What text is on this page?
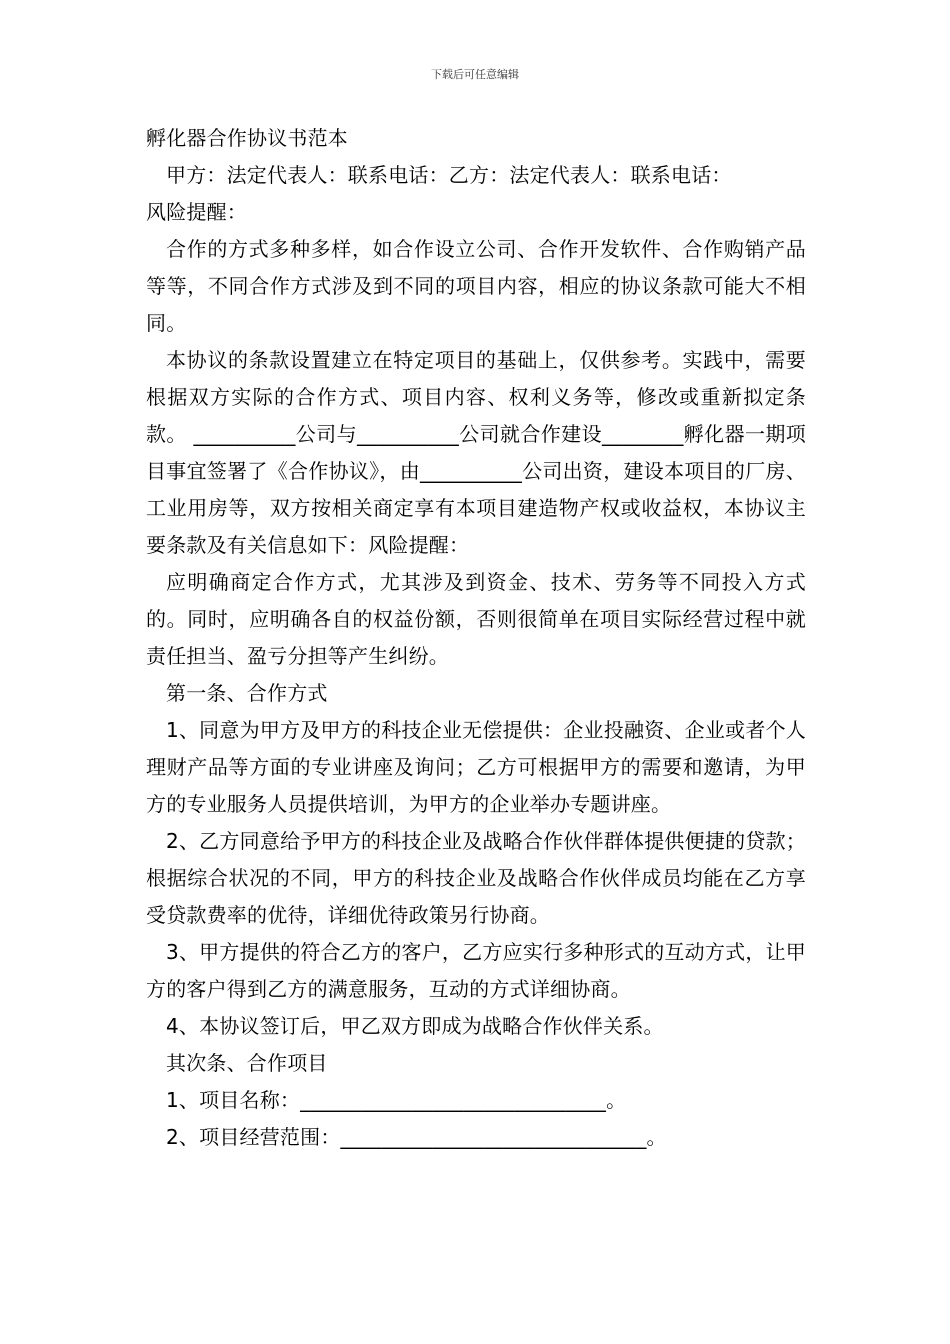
下载后可任意编辑

孵化器合作协议书范本

甲方：法定代表人：联系电话：乙方：法定代表人：联系电话：

风险提醒：

合作的方式多种多样，如合作设立公司、合作开发软件、合作购销产品等等，不同合作方式涉及到不同的项目内容，相应的协议条款可能大不相同。

本协议的条款设置建立在特定项目的基础上，仅供参考。实践中，需要根据双方实际的合作方式、项目内容、权利义务等，修改或重新拟定条款。 __________公司与__________公司就合作建设________孵化器一期项目事宜签署了《合作协议》，由__________公司出资，建设本项目的厂房、工业用房等，双方按相关商定享有本项目建造物产权或收益权，本协议主要条款及有关信息如下：风险提醒：

应明确商定合作方式，尤其涉及到资金、技术、劳务等不同投入方式的。同时，应明确各自的权益份额，否则很简单在项目实际经营过程中就责任担当、盈亏分担等产生纠纷。

第一条、合作方式

1、同意为甲方及甲方的科技企业无偿提供：企业投融资、企业或者个人理财产品等方面的专业讲座及询问；乙方可根据甲方的需要和邀请，为甲方的专业服务人员提供培训，为甲方的企业举办专题讲座。

2、乙方同意给予甲方的科技企业及战略合作伙伴群体提供便捷的贷款；根据综合状况的不同，甲方的科技企业及战略合作伙伴成员均能在乙方享受贷款费率的优待，详细优待政策另行协商。

3、甲方提供的符合乙方的客户，乙方应实行多种形式的互动方式，让甲方的客户得到乙方的满意服务，互动的方式详细协商。

4、本协议签订后，甲乙双方即成为战略合作伙伴关系。

其次条、合作项目

1、项目名称：______________________________。

2、项目经营范围：______________________________。
